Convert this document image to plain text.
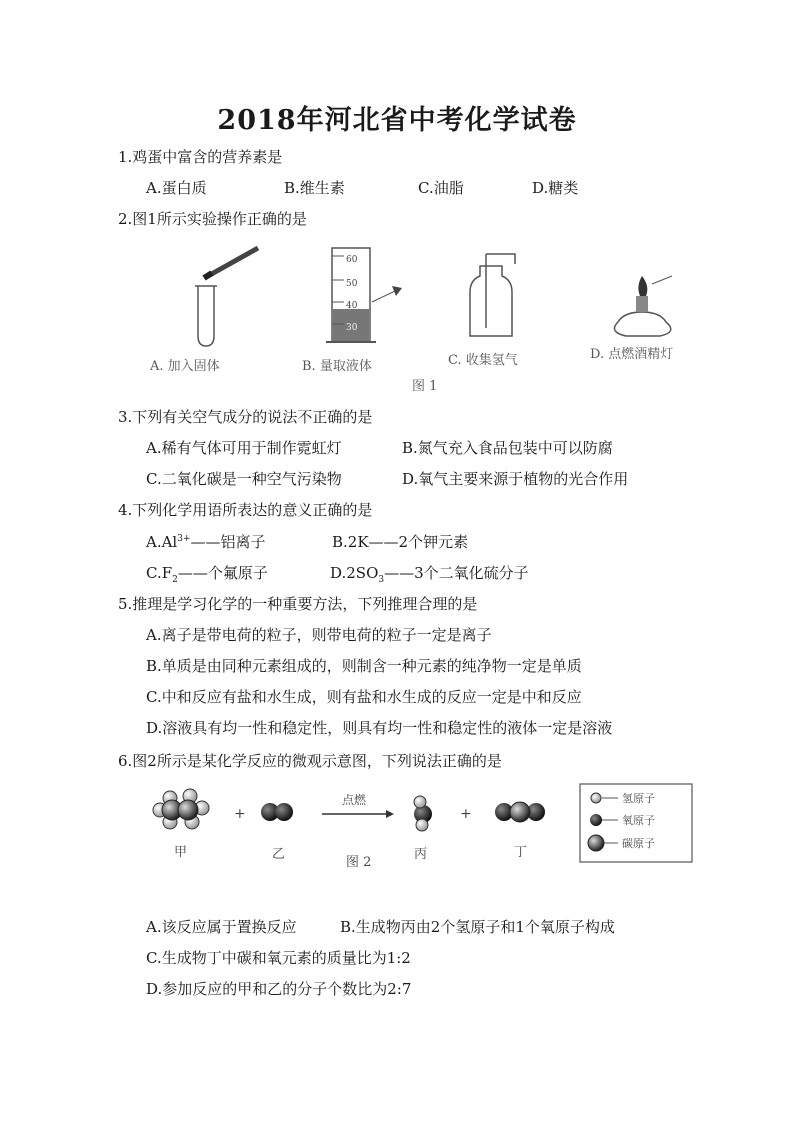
2018年河北省中考化学试卷
1.鸡蛋中富含的营养素是
A.蛋白质	B.维生素	C.油脂	D.糖类
2.图1所示实验操作正确的是
60
50
40
30
A. 加入固体	B. 量取液体	C. 收集氢气	D. 点燃酒精灯
图 1
3.下列有关空气成分的说法不正确的是
A.稀有气体可用于制作霓虹灯	B.氮气充入食品包装中可以防腐
C.二氧化碳是一种空气污染物	D.氧气主要来源于植物的光合作用
4.下列化学用语所表达的意义正确的是
$A.Al^{3+}——$铝离子	B.2K——2个钾元素
$C.F_2——$个氟原子	$D.2SO_3——3$个二氧化硫分子
5.推理是学习化学的一种重要方法，下列推理合理的是
A.离子是带电荷的粒子，则带电荷的粒子一定是离子
B.单质是由同种元素组成的，则制含一种元素的纯净物一定是单质
C.中和反应有盐和水生成，则有盐和水生成的反应一定是中和反应
D.溶液具有均一性和稳定性，则具有均一性和稳定性的液体一定是溶液
6.图2所示是某化学反应的微观示意图，下列说法正确的是
氢原子
氧原子
碳原子
+	+
点燃
甲	乙	丙	丁
图 2
A.该反应属于置换反应	B.生成物丙由2个氢原子和1个氧原子构成
C.生成物丁中碳和氧元素的质量比为1:2
D.参加反应的甲和乙的分子个数比为2:7
